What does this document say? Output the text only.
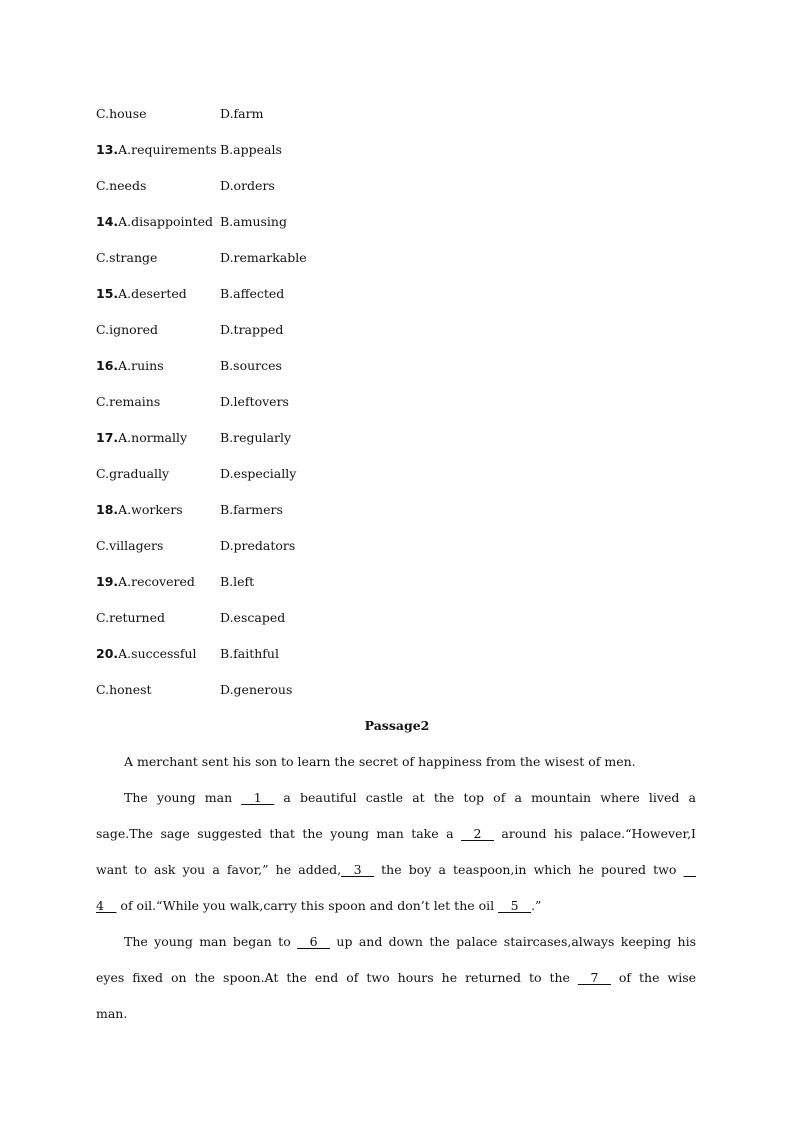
C.house	D.farm
13.A.requirements B.appeals
C.needs	D.orders
14.A.disappointed B.amusing
C.strange	D.remarkable
15.A.deserted	B.affected
C.ignored	D.trapped
16.A.ruins	B.sources
C.remains	D.leftovers
17.A.normally	B.regularly
C.gradually	D.especially
18.A.workers	B.farmers
C.villagers	D.predators
19.A.recovered B.left
C.returned	D.escaped
20.A.successful B.faithful
C.honest	D.generous
Passage2
A merchant sent his son to learn the secret of happiness from the wisest of men.
The young man __1__ a beautiful castle at the top of a mountain where lived a
sage.The sage suggested that the young man take a __2__ around his palace.“However,I
want to ask you a favor,” he added,__3__ the boy a teaspoon,in which he poured two __
4__ of oil.“While you walk,carry this spoon and don’t let the oil __5__.”
The young man began to __6__ up and down the palace staircases,always keeping his
eyes fixed on the spoon.At the end of two hours he returned to the __7__ of the wise
man.
